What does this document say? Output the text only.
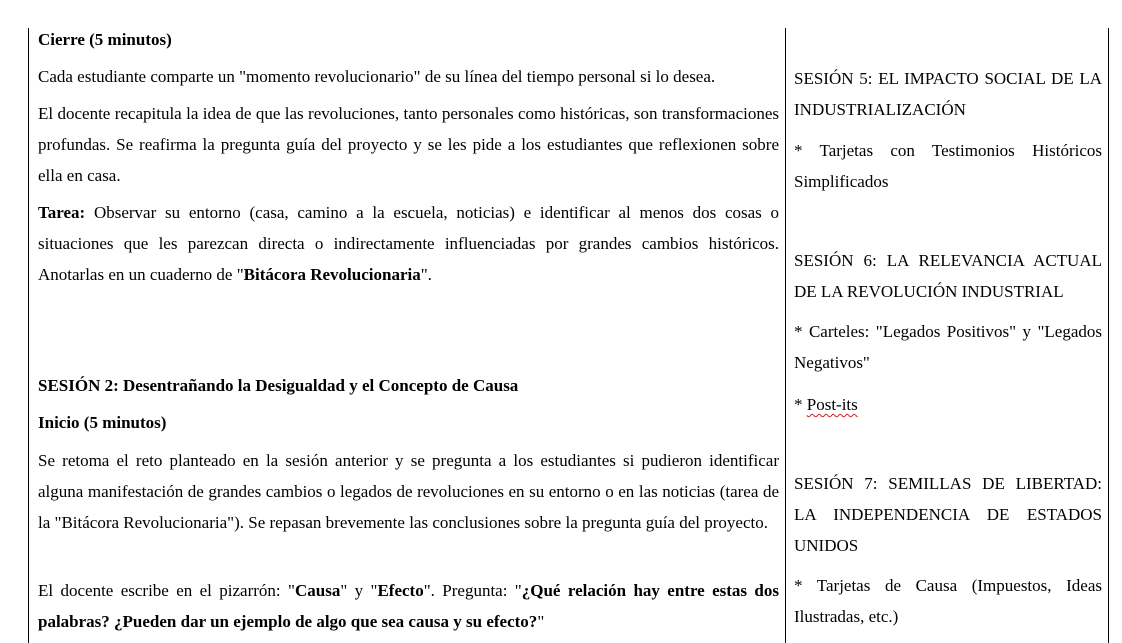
Cierre (5 minutos)

Cada estudiante comparte un "momento revolucionario" de su línea del tiempo personal si lo desea.

El docente recapitula la idea de que las revoluciones, tanto personales como históricas, son transformaciones profundas. Se reafirma la pregunta guía del proyecto y se les pide a los estudiantes que reflexionen sobre ella en casa.

Tarea: Observar su entorno (casa, camino a la escuela, noticias) e identificar al menos dos cosas o situaciones que les parezcan directa o indirectamente influenciadas por grandes cambios históricos. Anotarlas en un cuaderno de "Bitácora Revolucionaria".

SESIÓN 2: Desentrañando la Desigualdad y el Concepto de Causa

Inicio (5 minutos)

Se retoma el reto planteado en la sesión anterior y se pregunta a los estudiantes si pudieron identificar alguna manifestación de grandes cambios o legados de revoluciones en su entorno o en las noticias (tarea de la "Bitácora Revolucionaria"). Se repasan brevemente las conclusiones sobre la pregunta guía del proyecto.

El docente escribe en el pizarrón: "Causa" y "Efecto". Pregunta: "¿Qué relación hay entre estas dos palabras? ¿Pueden dar un ejemplo de algo que sea causa y su efecto?"

SESIÓN 5: EL IMPACTO SOCIAL DE LA INDUSTRIALIZACIÓN

* Tarjetas con Testimonios Históricos Simplificados

SESIÓN 6: LA RELEVANCIA ACTUAL DE LA REVOLUCIÓN INDUSTRIAL

* Carteles: "Legados Positivos" y "Legados Negativos"

* Post-its

SESIÓN 7: SEMILLAS DE LIBERTAD: LA INDEPENDENCIA DE ESTADOS UNIDOS

* Tarjetas de Causa (Impuestos, Ideas Ilustradas, etc.)
